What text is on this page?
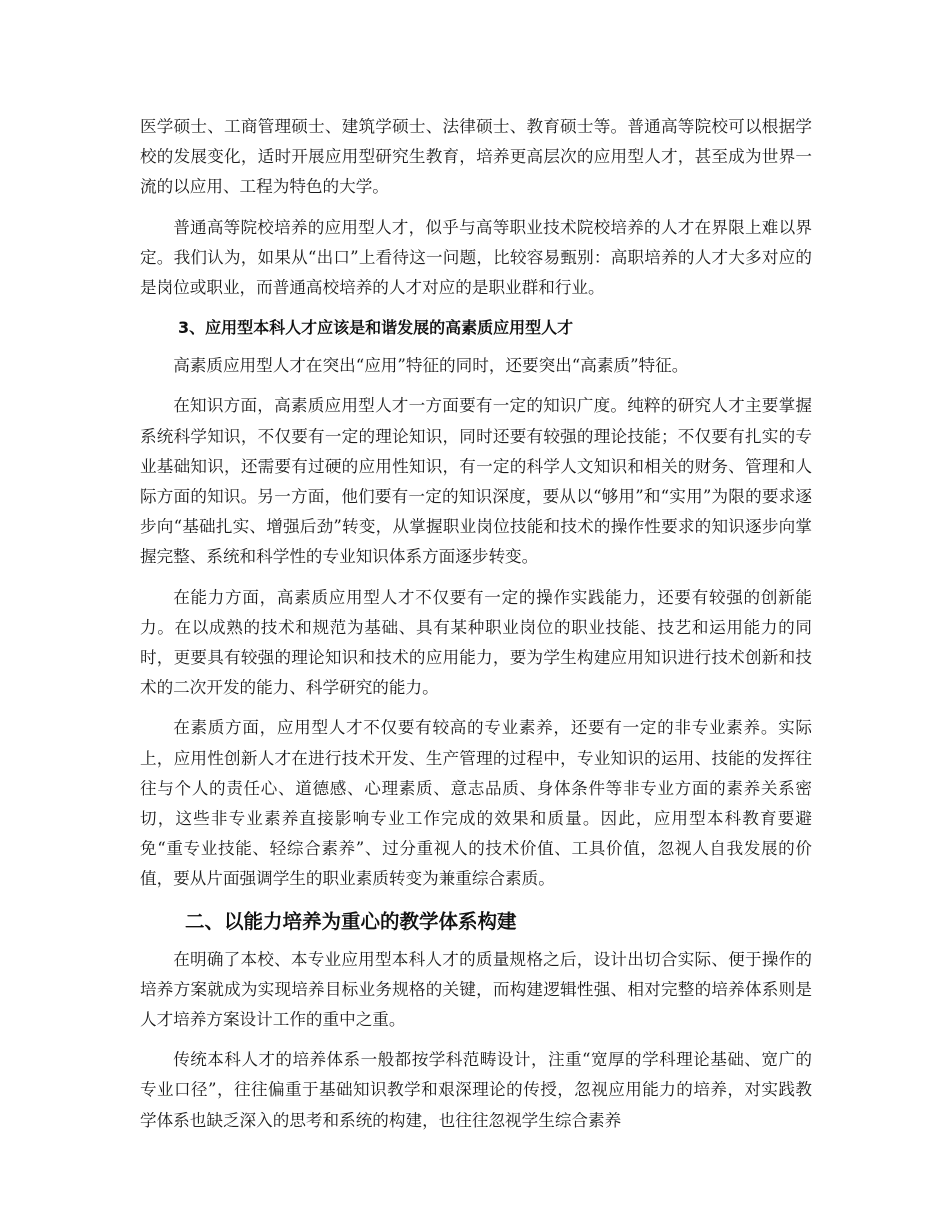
医学硕士、工商管理硕士、建筑学硕士、法律硕士、教育硕士等。普通高等院校可以根据学校的发展变化，适时开展应用型研究生教育，培养更高层次的应用型人才，甚至成为世界一流的以应用、工程为特色的大学。

普通高等院校培养的应用型人才，似乎与高等职业技术院校培养的人才在界限上难以界定。我们认为，如果从“出口”上看待这一问题，比较容易甄别：高职培养的人才大多对应的是岗位或职业，而普通高校培养的人才对应的是职业群和行业。

3、应用型本科人才应该是和谐发展的高素质应用型人才

高素质应用型人才在突出“应用”特征的同时，还要突出“高素质”特征。

在知识方面，高素质应用型人才一方面要有一定的知识广度。纯粹的研究人才主要掌握系统科学知识，不仅要有一定的理论知识，同时还要有较强的理论技能；不仅要有扎实的专业基础知识，还需要有过硬的应用性知识，有一定的科学人文知识和相关的财务、管理和人际方面的知识。另一方面，他们要有一定的知识深度，要从以“够用”和“实用”为限的要求逐步向“基础扎实、增强后劲”转变，从掌握职业岗位技能和技术的操作性要求的知识逐步向掌握完整、系统和科学性的专业知识体系方面逐步转变。

在能力方面，高素质应用型人才不仅要有一定的操作实践能力，还要有较强的创新能力。在以成熟的技术和规范为基础、具有某种职业岗位的职业技能、技艺和运用能力的同时，更要具有较强的理论知识和技术的应用能力，要为学生构建应用知识进行技术创新和技术的二次开发的能力、科学研究的能力。

在素质方面，应用型人才不仅要有较高的专业素养，还要有一定的非专业素养。实际上，应用性创新人才在进行技术开发、生产管理的过程中，专业知识的运用、技能的发挥往往与个人的责任心、道德感、心理素质、意志品质、身体条件等非专业方面的素养关系密切，这些非专业素养直接影响专业工作完成的效果和质量。因此，应用型本科教育要避免“重专业技能、轻综合素养”、过分重视人的技术价值、工具价值，忽视人自我发展的价值，要从片面强调学生的职业素质转变为兼重综合素质。

二、以能力培养为重心的教学体系构建

在明确了本校、本专业应用型本科人才的质量规格之后，设计出切合实际、便于操作的培养方案就成为实现培养目标业务规格的关键，而构建逻辑性强、相对完整的培养体系则是人才培养方案设计工作的重中之重。

传统本科人才的培养体系一般都按学科范畴设计，注重“宽厚的学科理论基础、宽广的专业口径”，往往偏重于基础知识教学和艰深理论的传授，忽视应用能力的培养，对实践教学体系也缺乏深入的思考和系统的构建，也往往忽视学生综合素养
